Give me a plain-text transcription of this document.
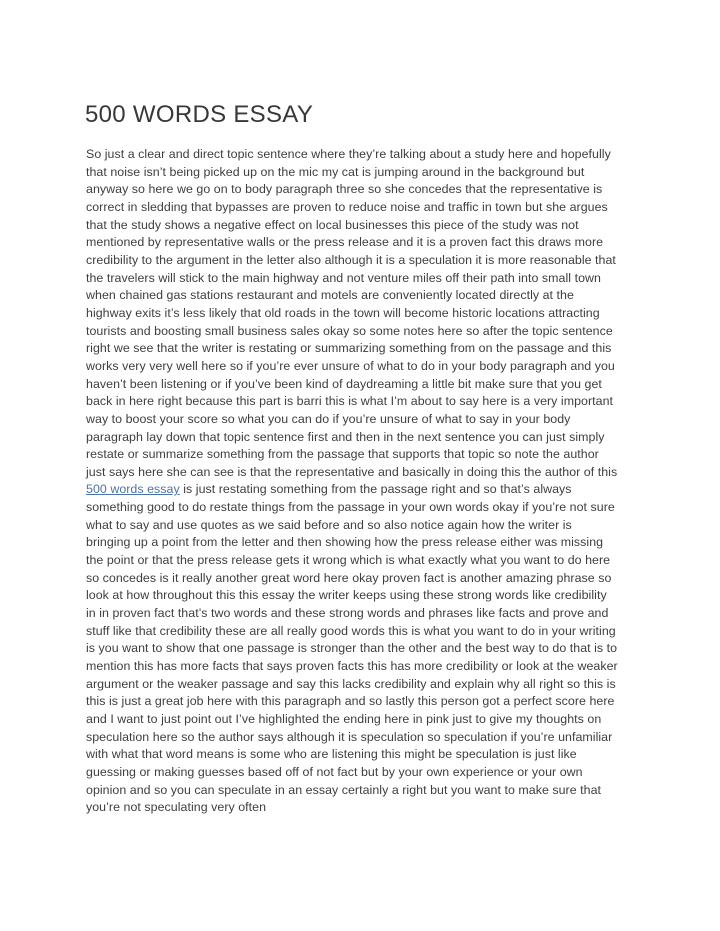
500 WORDS ESSAY
So just a clear and direct topic sentence where they’re talking about a study here and hopefully
that noise isn’t being picked up on the mic my cat is jumping around in the background but
anyway so here we go on to body paragraph three so she concedes that the representative is
correct in sledding that bypasses are proven to reduce noise and traffic in town but she argues
that the study shows a negative effect on local businesses this piece of the study was not
mentioned by representative walls or the press release and it is a proven fact this draws more
credibility to the argument in the letter also although it is a speculation it is more reasonable that
the travelers will stick to the main highway and not venture miles off their path into small town
when chained gas stations restaurant and motels are conveniently located directly at the
highway exits it’s less likely that old roads in the town will become historic locations attracting
tourists and boosting small business sales okay so some notes here so after the topic sentence
right we see that the writer is restating or summarizing something from on the passage and this
works very very well here so if you’re ever unsure of what to do in your body paragraph and you
haven’t been listening or if you’ve been kind of daydreaming a little bit make sure that you get
back in here right because this part is barri this is what I’m about to say here is a very important
way to boost your score so what you can do if you’re unsure of what to say in your body
paragraph lay down that topic sentence first and then in the next sentence you can just simply
restate or summarize something from the passage that supports that topic so note the author
just says here she can see is that the representative and basically in doing this the author of this
500 words essay is just restating something from the passage right and so that’s always
something good to do restate things from the passage in your own words okay if you’re not sure
what to say and use quotes as we said before and so also notice again how the writer is
bringing up a point from the letter and then showing how the press release either was missing
the point or that the press release gets it wrong which is what exactly what you want to do here
so concedes is it really another great word here okay proven fact is another amazing phrase so
look at how throughout this this essay the writer keeps using these strong words like credibility
in in proven fact that’s two words and these strong words and phrases like facts and prove and
stuff like that credibility these are all really good words this is what you want to do in your writing
is you want to show that one passage is stronger than the other and the best way to do that is to
mention this has more facts that says proven facts this has more credibility or look at the weaker
argument or the weaker passage and say this lacks credibility and explain why all right so this is
this is just a great job here with this paragraph and so lastly this person got a perfect score here
and I want to just point out I’ve highlighted the ending here in pink just to give my thoughts on
speculation here so the author says although it is speculation so speculation if you’re unfamiliar
with what that word means is some who are listening this might be speculation is just like
guessing or making guesses based off of not fact but by your own experience or your own
opinion and so you can speculate in an essay certainly a right but you want to make sure that
you’re not speculating very often
